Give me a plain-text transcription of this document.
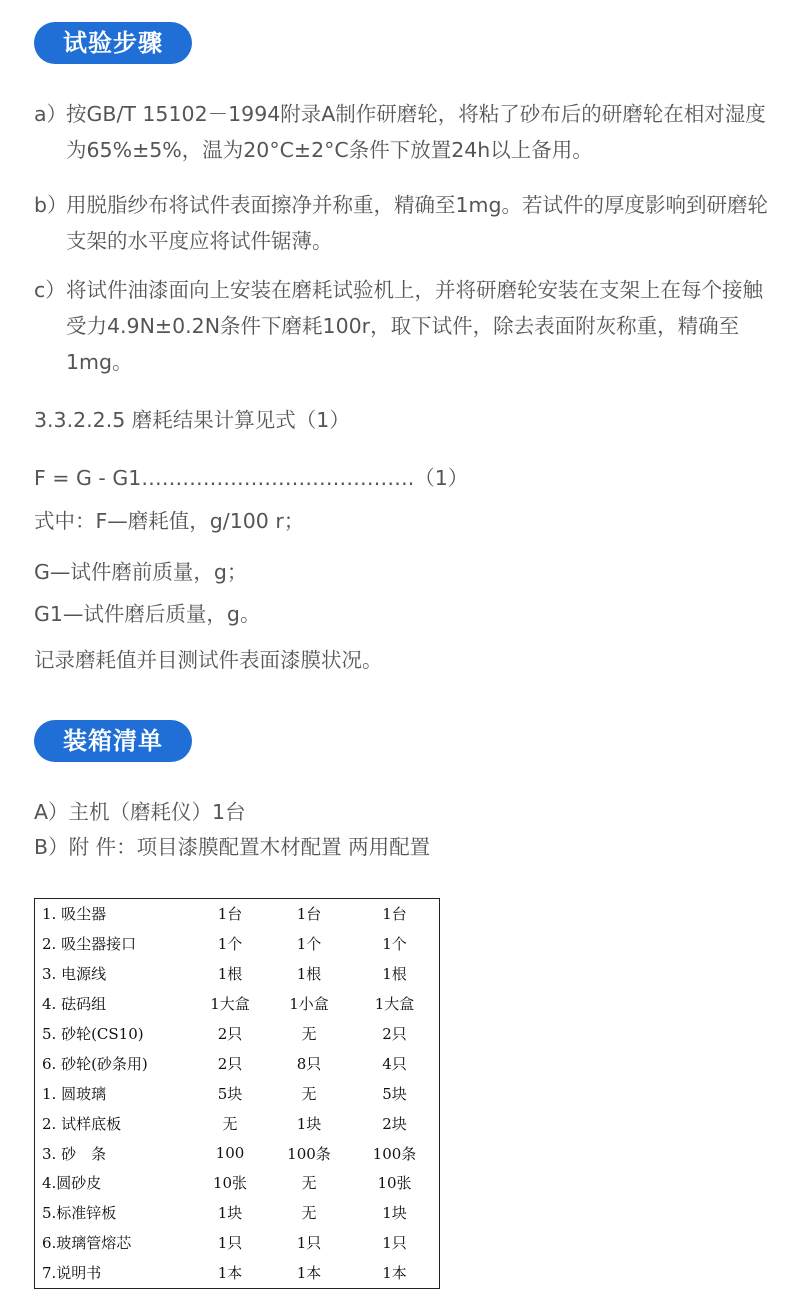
试验步骤
a）
按GB/T 15102－1994附录A制作研磨轮，将粘了砂布后的研磨轮在相对湿度为65%±5%，温为20°C±2°C条件下放置24h以上备用。
b）
用脱脂纱布将试件表面擦净并称重，精确至1mg。若试件的厚度影响到研磨轮支架的水平度应将试件锯薄。
c） 将试件油漆面向上安装在磨耗试验机上，并将研磨轮安装在支架上在每个接触受力4.9N±0.2N条件下磨耗100r，取下试件，除去表面附灰称重，精确至1mg。
3.3.2.2.5 磨耗结果计算见式（1）
F = G - G1………………………………….（1）
式中：F—磨耗值，g/100 r；
G—试件磨前质量，g；
G1—试件磨后质量，g。
记录磨耗值并目测试件表面漆膜状况。
装箱清单
A）主机（磨耗仪）1台
B）附 件：项目漆膜配置木材配置 两用配置
1. 吸尘器	1台	1台	1台
2. 吸尘器接口	1个	1个	1个
3. 电源线	1根	1根	1根
4. 砝码组	1大盒	1小盒	1大盒
5. 砂轮(CS10)	2只	无	2只
6. 砂轮(砂条用)	2只	8只	4只
1. 圆玻璃	5块	无	5块
2. 试样底板	无	1块	2块
3. 砂　条	100	100条	100条
4.圆砂皮	10张	无	10张
5.标准锌板	1块	无	1块
6.玻璃管熔芯	1只	1只	1只
7.说明书	1本	1本	1本
